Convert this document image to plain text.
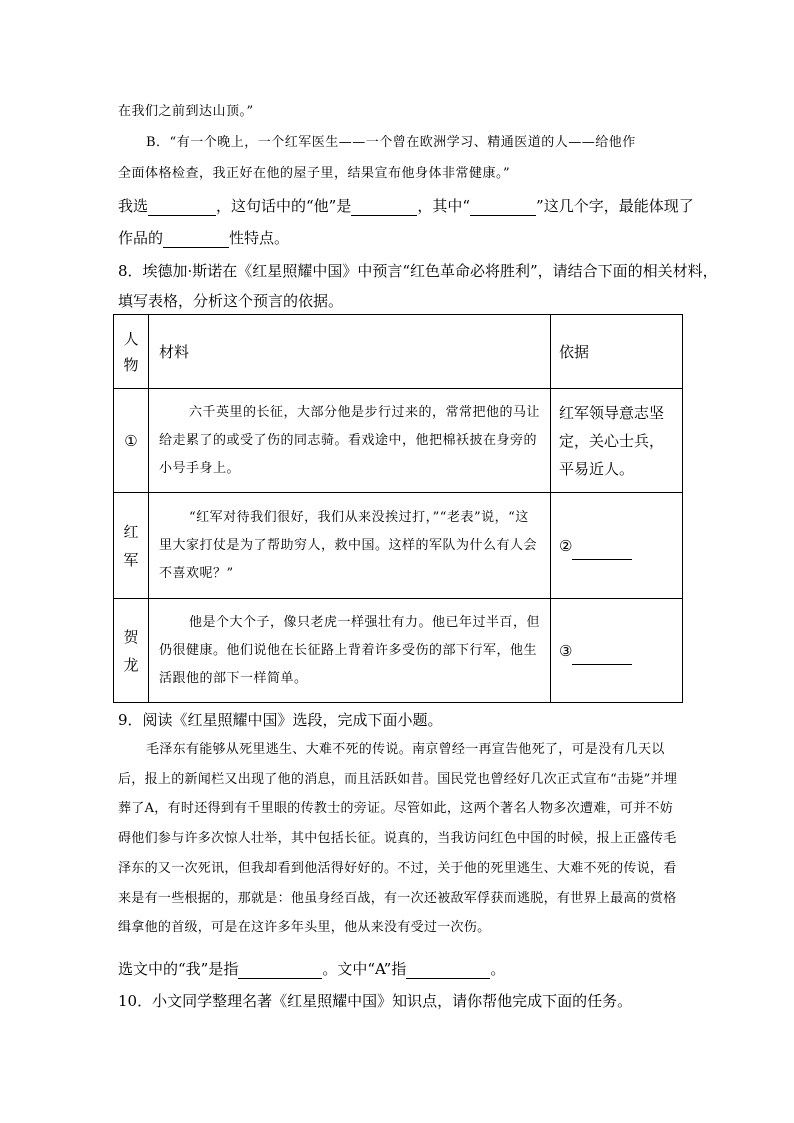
在我们之前到达山顶。”
B．“有一个晚上，一个红军医生——一个曾在欧洲学习、精通医道的人——给他作
全面体格检查，我正好在他的屋子里，结果宣布他身体非常健康。”
我选	，这句话中的“他”是	，其中“	”这几个字，最能体现了
作品的	性特点。
8．埃德加·斯诺在《红星照耀中国》中预言“红色革命必将胜利”，请结合下面的相关材料，
填写表格，分析这个预言的依据。
人物	材料	依据
①	六千英里的长征，大部分他是步行过来的，常常把他的马让给走累了的或受了伤的同志骑。看戏途中，他把棉袄披在身旁的小号手身上。	红军领导意志坚定，关心士兵，平易近人。

红军	“红军对待我们很好，我们从来没挨过打，”“老表”说，“这里大家打仗是为了帮助穷人，救中国。这样的军队为什么有人会不喜欢呢？”	②

贺龙	他是个大个子，像只老虎一样强壮有力。他已年过半百，但仍很健康。他们说他在长征路上背着许多受伤的部下行军，他生活跟他的部下一样简单。	③
9．阅读《红星照耀中国》选段，完成下面小题。
毛泽东有能够从死里逃生、大难不死的传说。南京曾经一再宣告他死了，可是没有几天以后，报上的新闻栏又出现了他的消息，而且活跃如昔。国民党也曾经好几次正式宣布“击毙”并埋葬了A，有时还得到有千里眼的传教士的旁证。尽管如此，这两个著名人物多次遭难，可并不妨碍他们参与许多次惊人壮举，其中包括长征。说真的，当我访问红色中国的时候，报上正盛传毛泽东的又一次死讯，但我却看到他活得好好的。不过，关于他的死里逃生、大难不死的传说，看来是有一些根据的，那就是：他虽身经百战，有一次还被敌军俘获而逃脱，有世界上最高的赏格缉拿他的首级，可是在这许多年头里，他从来没有受过一次伤。
选文中的“我”是指	。文中“A”指	。
10．小文同学整理名著《红星照耀中国》知识点，请你帮他完成下面的任务。
